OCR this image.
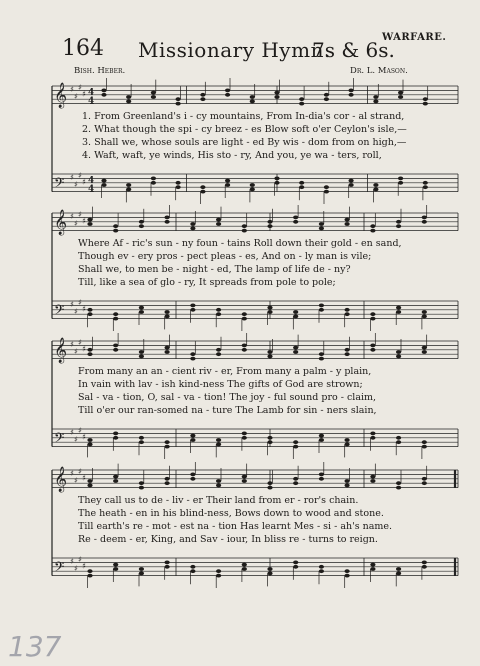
164 Missionary Hymn.
7s & 6s.
WARFARE.
Bish. Heber.	Dr. L. Mason.
𝄞 ♯
♯
♯
♯
𝄢 ♯
♯
♯
♯
4
4
4
4
1. From Greenland's i - cy mountains, From In-dia's cor - al strand,
2. What though the spi - cy breez - es Blow soft o'er Ceylon's isle,—
3. Shall we, whose souls are light - ed By wis - dom from on high,—
4. Waft, waft, ye winds, His sto - ry, And you, ye wa - ters, roll,
𝄞 ♯
♯
♯
♯
𝄢 ♯
♯
♯
♯
Where Af - ric's sun - ny foun - tains Roll down their gold - en sand,
Though ev - ery pros - pect pleas - es, And on - ly man is vile;
Shall we, to men be - night - ed, The lamp of life de - ny?
Till, like a sea of glo - ry, It spreads from pole to pole;
𝄞 ♯
♯
♯
♯
𝄢 ♯
♯
♯
♯
From many an an - cient riv - er, From many a palm - y plain,
In vain with lav - ish kind-ness The gifts of God are strown;
Sal - va - tion, O, sal - va - tion! The joy - ful sound pro - claim,
Till o'er our ran-somed na - ture The Lamb for sin - ners slain,
𝄞 ♯
♯
♯
♯
𝄢 ♯
♯
♯
♯
They call us to de - liv - er Their land from er - ror's chain.
The heath - en in his blind-ness, Bows down to wood and stone.
Till earth's re - mot - est na - tion Has learnt Mes - si - ah's name.
Re - deem - er, King, and Sav - iour, In bliss re - turns to reign.
137
